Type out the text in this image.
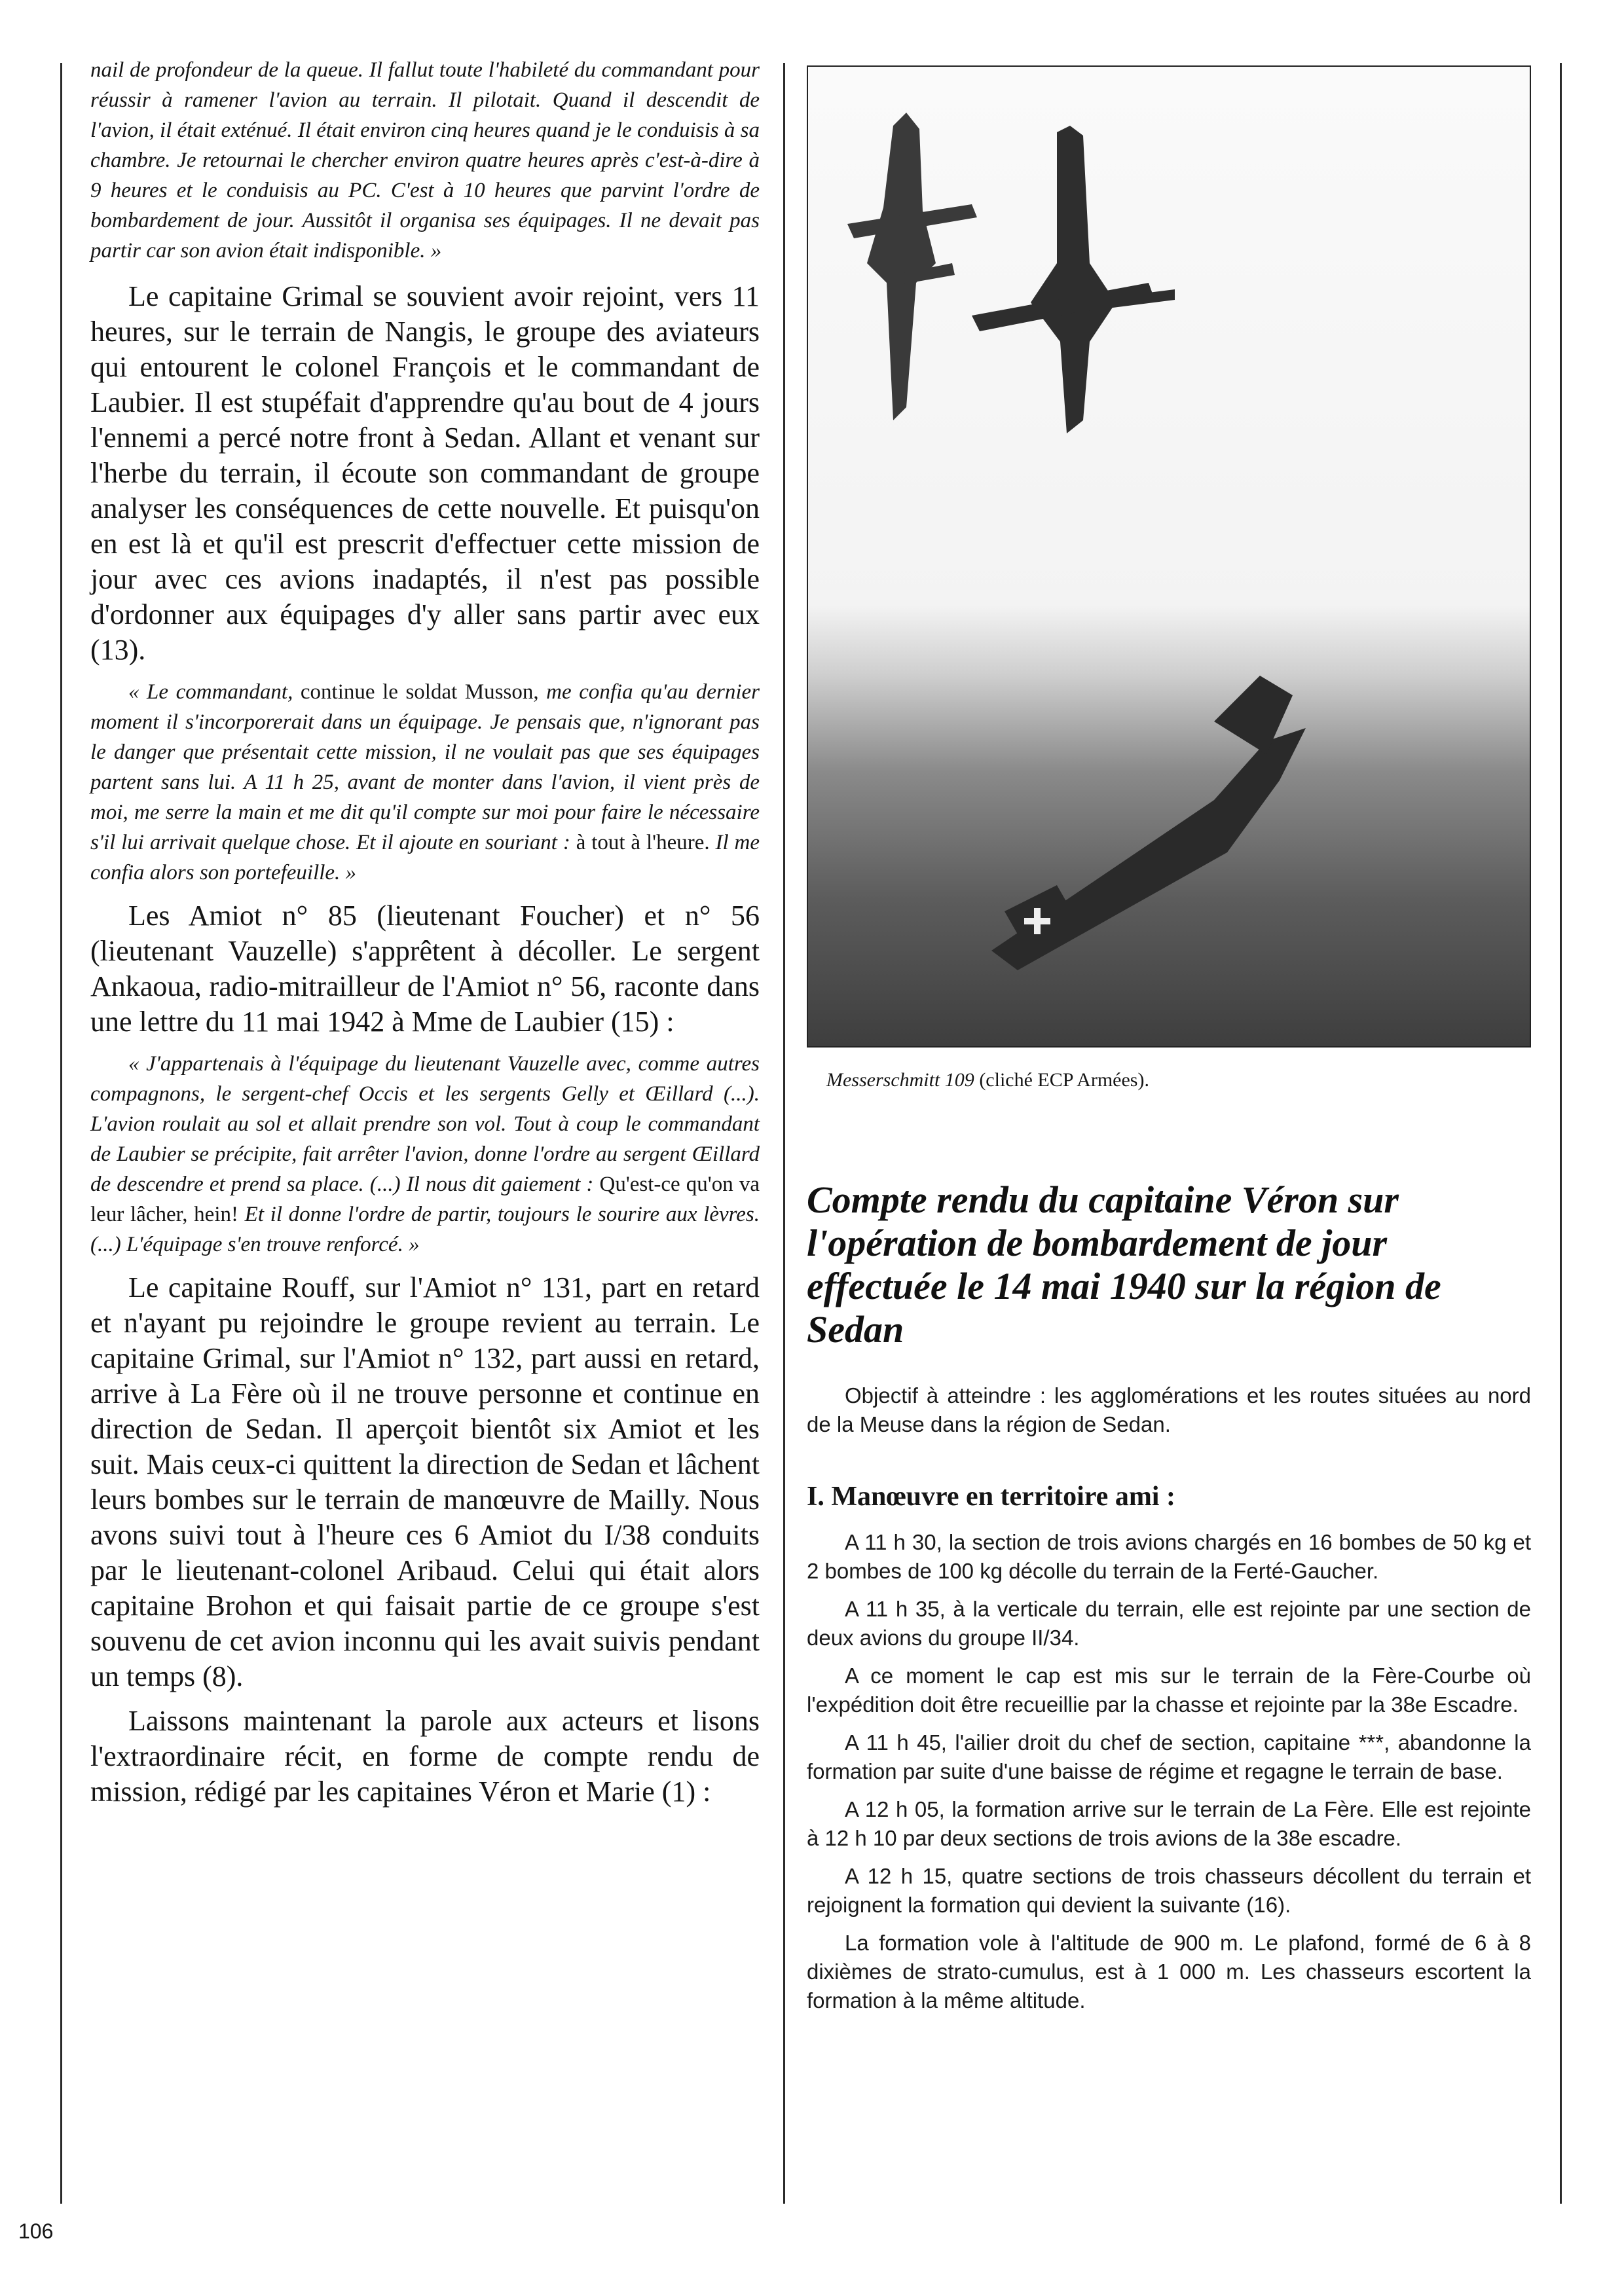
nail de profondeur de la queue. Il fallut toute l'habileté du commandant pour réussir à ramener l'avion au terrain. Il pilotait. Quand il descendit de l'avion, il était exténué. Il était environ cinq heures quand je le conduisis à sa chambre. Je retournai le chercher environ quatre heures après c'est-à-dire à 9 heures et le conduisis au PC. C'est à 10 heures que parvint l'ordre de bombardement de jour. Aussitôt il organisa ses équipages. Il ne devait pas partir car son avion était indisponible. »

Le capitaine Grimal se souvient avoir rejoint, vers 11 heures, sur le terrain de Nangis, le groupe des aviateurs qui entourent le colonel François et le commandant de Laubier. Il est stupéfait d'apprendre qu'au bout de 4 jours l'ennemi a percé notre front à Sedan. Allant et venant sur l'herbe du terrain, il écoute son commandant de groupe analyser les conséquences de cette nouvelle. Et puisqu'on en est là et qu'il est prescrit d'effectuer cette mission de jour avec ces avions inadaptés, il n'est pas possible d'ordonner aux équipages d'y aller sans partir avec eux (13).

« Le commandant, continue le soldat Musson, me confia qu'au dernier moment il s'incorporerait dans un équipage. Je pensais que, n'ignorant pas le danger que présentait cette mission, il ne voulait pas que ses équipages partent sans lui. A 11 h 25, avant de monter dans l'avion, il vient près de moi, me serre la main et me dit qu'il compte sur moi pour faire le nécessaire s'il lui arrivait quelque chose. Et il ajoute en souriant : à tout à l'heure. Il me confia alors son portefeuille. »

Les Amiot n° 85 (lieutenant Foucher) et n° 56 (lieutenant Vauzelle) s'apprêtent à décoller. Le sergent Ankaoua, radio-mitrailleur de l'Amiot n° 56, raconte dans une lettre du 11 mai 1942 à Mme de Laubier (15) :

« J'appartenais à l'équipage du lieutenant Vauzelle avec, comme autres compagnons, le sergent-chef Occis et les sergents Gelly et Œillard (...). L'avion roulait au sol et allait prendre son vol. Tout à coup le commandant de Laubier se précipite, fait arrêter l'avion, donne l'ordre au sergent Œillard de descendre et prend sa place. (...) Il nous dit gaiement : Qu'est-ce qu'on va leur lâcher, hein! Et il donne l'ordre de partir, toujours le sourire aux lèvres. (...) L'équipage s'en trouve renforcé. »

Le capitaine Rouff, sur l'Amiot n° 131, part en retard et n'ayant pu rejoindre le groupe revient au terrain. Le capitaine Grimal, sur l'Amiot n° 132, part aussi en retard, arrive à La Fère où il ne trouve personne et continue en direction de Sedan. Il aperçoit bientôt six Amiot et les suit. Mais ceux-ci quittent la direction de Sedan et lâchent leurs bombes sur le terrain de manœuvre de Mailly. Nous avons suivi tout à l'heure ces 6 Amiot du I/38 conduits par le lieutenant-colonel Aribaud. Celui qui était alors capitaine Brohon et qui faisait partie de ce groupe s'est souvenu de cet avion inconnu qui les avait suivis pendant un temps (8).

Laissons maintenant la parole aux acteurs et lisons l'extraordinaire récit, en forme de compte rendu de mission, rédigé par les capitaines Véron et Marie (1) :

Messerschmitt 109 (cliché ECP Armées).
Compte rendu du capitaine Véron sur l'opération de bombardement de jour effectuée le 14 mai 1940 sur la région de Sedan

Objectif à atteindre : les agglomérations et les routes situées au nord de la Meuse dans la région de Sedan.

I. Manœuvre en territoire ami :

A 11 h 30, la section de trois avions chargés en 16 bombes de 50 kg et 2 bombes de 100 kg décolle du terrain de la Ferté-Gaucher.

A 11 h 35, à la verticale du terrain, elle est rejointe par une section de deux avions du groupe II/34.

A ce moment le cap est mis sur le terrain de la Fère-Courbe où l'expédition doit être recueillie par la chasse et rejointe par la 38e Escadre.

A 11 h 45, l'ailier droit du chef de section, capitaine ***, abandonne la formation par suite d'une baisse de régime et regagne le terrain de base.

A 12 h 05, la formation arrive sur le terrain de La Fère. Elle est rejointe à 12 h 10 par deux sections de trois avions de la 38e escadre.

A 12 h 15, quatre sections de trois chasseurs décollent du terrain et rejoignent la formation qui devient la suivante (16).

La formation vole à l'altitude de 900 m. Le plafond, formé de 6 à 8 dixièmes de strato-cumulus, est à 1 000 m. Les chasseurs escortent la formation à la même altitude.

106
